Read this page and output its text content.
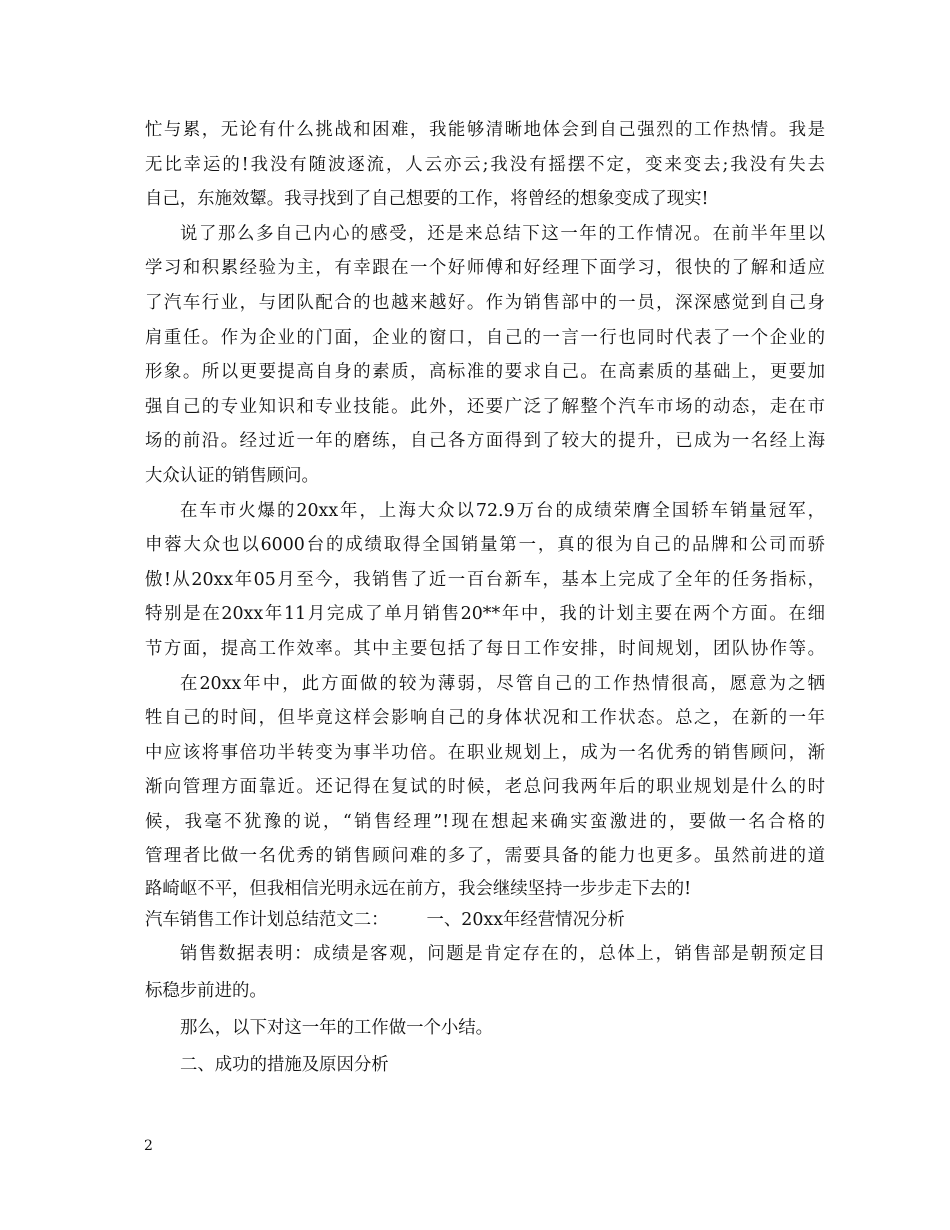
忙与累，无论有什么挑战和困难，我能够清晰地体会到自己强烈的工作热情。我是
无比幸运的!我没有随波逐流，人云亦云;我没有摇摆不定，变来变去;我没有失去
自己，东施效颦。我寻找到了自己想要的工作，将曾经的想象变成了现实!
说了那么多自己内心的感受，还是来总结下这一年的工作情况。在前半年里以
学习和积累经验为主，有幸跟在一个好师傅和好经理下面学习，很快的了解和适应
了汽车行业，与团队配合的也越来越好。作为销售部中的一员，深深感觉到自己身
肩重任。作为企业的门面，企业的窗口，自己的一言一行也同时代表了一个企业的
形象。所以更要提高自身的素质，高标准的要求自己。在高素质的基础上，更要加
强自己的专业知识和专业技能。此外，还要广泛了解整个汽车市场的动态，走在市
场的前沿。经过近一年的磨练，自己各方面得到了较大的提升，已成为一名经上海
大众认证的销售顾问。
在车市火爆的20xx年，上海大众以72.9万台的成绩荣膺全国轿车销量冠军，
申蓉大众也以6000台的成绩取得全国销量第一，真的很为自己的品牌和公司而骄
傲!从20xx年05月至今，我销售了近一百台新车，基本上完成了全年的任务指标，
特别是在20xx年11月完成了单月销售20**年中，我的计划主要在两个方面。在细
节方面，提高工作效率。其中主要包括了每日工作安排，时间规划，团队协作等。
在20xx年中，此方面做的较为薄弱，尽管自己的工作热情很高，愿意为之牺
牲自己的时间，但毕竟这样会影响自己的身体状况和工作状态。总之，在新的一年
中应该将事倍功半转变为事半功倍。在职业规划上，成为一名优秀的销售顾问，渐
渐向管理方面靠近。还记得在复试的时候，老总问我两年后的职业规划是什么的时
候，我毫不犹豫的说，“销售经理”!现在想起来确实蛮激进的，要做一名合格的
管理者比做一名优秀的销售顾问难的多了，需要具备的能力也更多。虽然前进的道
路崎岖不平，但我相信光明永远在前方，我会继续坚持一步步走下去的!
汽车销售工作计划总结范文二： 一、20xx年经营情况分析
销售数据表明：成绩是客观，问题是肯定存在的，总体上，销售部是朝预定目
标稳步前进的。
那么，以下对这一年的工作做一个小结。
二、成功的措施及原因分析
2
